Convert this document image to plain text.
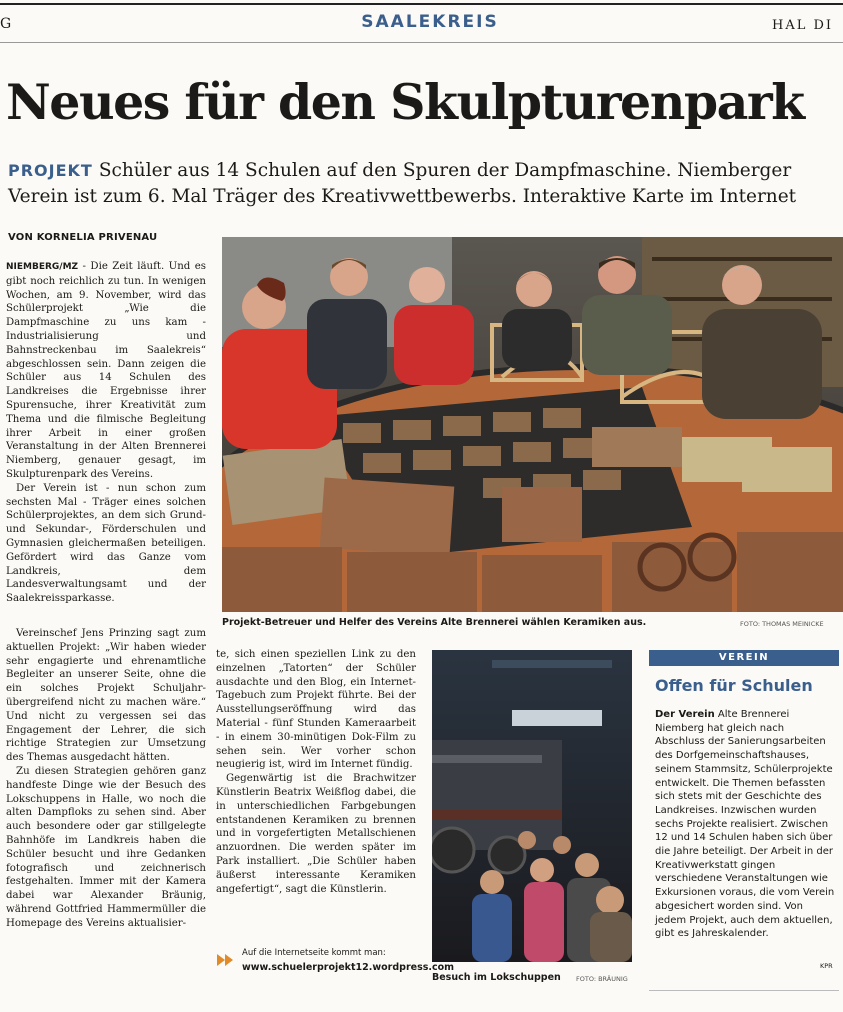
G	SAALEKREIS	HAL DI
Neues für den Skulpturenpark
PROJEKT Schüler aus 14 Schulen auf den Spuren der Dampfmaschine. Niemberger Verein ist zum 6. Mal Träger des Kreativwettbewerbs. Interaktive Karte im Internet
VON KORNELIA PRIVENAU

NIEMBERG/MZ - Die Zeit läuft. Und es gibt noch reichlich zu tun. In wenigen Wochen, am 9. November, wird das Schülerprojekt „Wie die Dampfmaschine zu uns kam - Industrialisierung und Bahnstreckenbau im Saalekreis“ abgeschlossen sein. Dann zeigen die Schüler aus 14 Schulen des Landkreises die Ergebnisse ihrer Spurensuche, ihrer Kreativität zum Thema und die filmische Begleitung ihrer Arbeit in einer großen Veranstaltung in der Alten Brennerei Niemberg, genauer gesagt, im Skulpturenpark des Vereins.

Der Verein ist - nun schon zum sechsten Mal - Träger eines solchen Schülerprojektes, an dem sich Grund- und Sekundar-, Förderschulen und Gymnasien gleichermaßen beteiligen. Gefördert wird das Ganze vom Landkreis, dem Landesverwaltungsamt und der Saalekreissparkasse.

Vereinschef Jens Prinzing sagt zum aktuellen Projekt: „Wir haben wieder sehr engagierte und ehrenamtliche Begleiter an unserer Seite, ohne die ein solches Projekt Schuljahr-übergreifend nicht zu machen wäre.“ Und nicht zu vergessen sei das Engagement der Lehrer, die sich richtige Strategien zur Umsetzung des Themas ausgedacht hätten.

Zu diesen Strategien gehören ganz handfeste Dinge wie der Besuch des Lokschuppens in Halle, wo noch die alten Dampfloks zu sehen sind. Aber auch besondere oder gar stillgelegte Bahnhöfe im Landkreis haben die Schüler besucht und ihre Gedanken fotografisch und zeichnerisch festgehalten. Immer mit der Kamera dabei war Alexander Bräunig, während Gottfried Hammermüller die Homepage des Vereins aktualisier-

te, sich einen speziellen Link zu den einzelnen „Tatorten“ der Schüler ausdachte und den Blog, ein Internet-Tagebuch zum Projekt führte. Bei der Ausstellungseröffnung wird das Material - fünf Stunden Kameraarbeit - in einem 30-minütigen Dok-Film zu sehen sein. Wer vorher schon neugierig ist, wird im Internet fündig.

Gegenwärtig ist die Brachwitzer Künstlerin Beatrix Weißflog dabei, die in unterschiedlichen Farbgebungen entstandenen Keramiken zu brennen und in vorgefertigten Metallschienen anzuordnen. Die werden später im Park installiert. „Die Schüler haben äußerst interessante Keramiken angefertigt“, sagt die Künstlerin.

Auf die Internetseite kommt man:
www.schuelerprojekt12.wordpress.com
Projekt-Betreuer und Helfer des Vereins Alte Brennerei wählen Keramiken aus.	FOTO: THOMAS MEINICKE
Besuch im Lokschuppen FOTO: BRÄUNIG
VEREIN
Offen für Schulen
Der Verein Alte Brennerei Niemberg hat gleich nach Abschluss der Sanierungsarbeiten des Dorfgemeinschaftshauses, seinem Stammsitz, Schülerprojekte entwickelt. Die Themen befassten sich stets mit der Geschichte des Landkreises. Inzwischen wurden sechs Projekte realisiert. Zwischen 12 und 14 Schulen haben sich über die Jahre beteiligt. Der Arbeit in der Kreativwerkstatt gingen verschiedene Veranstaltungen wie Exkursionen voraus, die vom Verein abgesichert worden sind. Von jedem Projekt, auch dem aktuellen, gibt es Jahreskalender.
KPR
